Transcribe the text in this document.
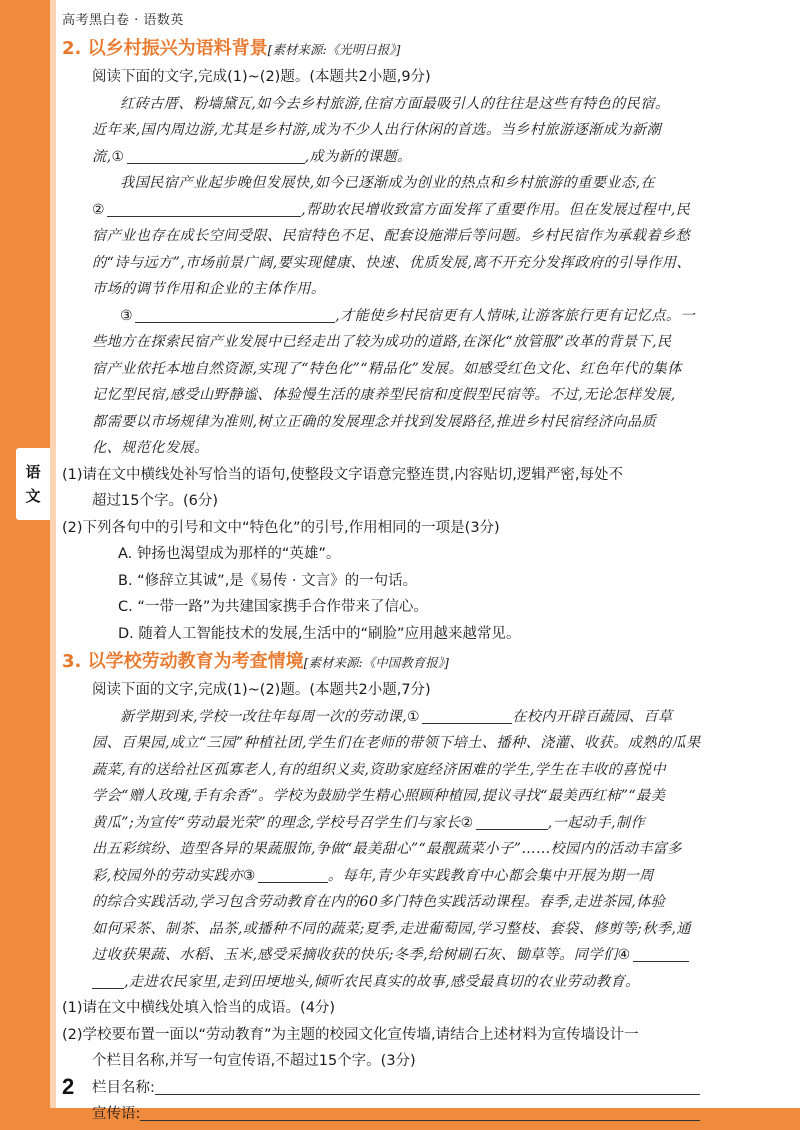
语
文
高考黑白卷 · 语数英
2. 以乡村振兴为语料背景[素材来源:《光明日报》]
阅读下面的文字,完成(1)~(2)题。(本题共2小题,9分)
红砖古厝、粉墙黛瓦,如今去乡村旅游,住宿方面最吸引人的往往是这些有特色的民宿。
近年来,国内周边游,尤其是乡村游,成为不少人出行休闲的首选。当乡村旅游逐渐成为新潮
流,①	,成为新的课题。
我国民宿产业起步晚但发展快,如今已逐渐成为创业的热点和乡村旅游的重要业态,在
②	,帮助农民增收致富方面发挥了重要作用。但在发展过程中,民
宿产业也存在成长空间受限、民宿特色不足、配套设施滞后等问题。乡村民宿作为承载着乡愁
的“诗与远方”,市场前景广阔,要实现健康、快速、优质发展,离不开充分发挥政府的引导作用、
市场的调节作用和企业的主体作用。
③	,才能使乡村民宿更有人情味,让游客旅行更有记忆点。一
些地方在探索民宿产业发展中已经走出了较为成功的道路,在深化“放管服”改革的背景下,民
宿产业依托本地自然资源,实现了“特色化”“精品化”发展。如感受红色文化、红色年代的集体
记忆型民宿,感受山野静谧、体验慢生活的康养型民宿和度假型民宿等。不过,无论怎样发展,
都需要以市场规律为准则,树立正确的发展理念并找到发展路径,推进乡村民宿经济向品质
化、规范化发展。
(1)请在文中横线处补写恰当的语句,使整段文字语意完整连贯,内容贴切,逻辑严密,每处不
超过15个字。(6分)
(2)下列各句中的引号和文中“特色化”的引号,作用相同的一项是(3分)
A. 钟扬也渴望成为那样的“英雄”。
B. “修辞立其诚”,是《易传 · 文言》的一句话。
C. “一带一路”为共建国家携手合作带来了信心。
D. 随着人工智能技术的发展,生活中的“刷脸”应用越来越常见。
3. 以学校劳动教育为考查情境[素材来源:《中国教育报》]
阅读下面的文字,完成(1)~(2)题。(本题共2小题,7分)
新学期到来,学校一改往年每周一次的劳动课,①	在校内开辟百蔬园、百草
园、百果园,成立“三园”种植社团,学生们在老师的带领下培土、播种、浇灌、收获。成熟的瓜果
蔬菜,有的送给社区孤寡老人,有的组织义卖,资助家庭经济困难的学生,学生在丰收的喜悦中
学会“赠人玫瑰,手有余香”。学校为鼓励学生精心照顾种植园,提议寻找“最美西红柿”“最美
黄瓜”;为宣传“劳动最光荣”的理念,学校号召学生们与家长②	,一起动手,制作
出五彩缤纷、造型各异的果蔬服饰,争做“最美甜心”“最靓蔬菜小子”……校园内的活动丰富多
彩,校园外的劳动实践亦③	。每年,青少年实践教育中心都会集中开展为期一周
的综合实践活动,学习包含劳动教育在内的60多门特色实践活动课程。春季,走进茶园,体验
如何采茶、制茶、品茶,或播种不同的蔬菜;夏季,走进葡萄园,学习整枝、套袋、修剪等;秋季,通
过收获果蔬、水稻、玉米,感受采摘收获的快乐;冬季,给树刷石灰、锄草等。同学们④
,走进农民家里,走到田埂地头,倾听农民真实的故事,感受最真切的农业劳动教育。
(1)请在文中横线处填入恰当的成语。(4分)
(2)学校要布置一面以“劳动教育”为主题的校园文化宣传墙,请结合上述材料为宣传墙设计一
个栏目名称,并写一句宣传语,不超过15个字。(3分)
栏目名称:
宣传语:
2
